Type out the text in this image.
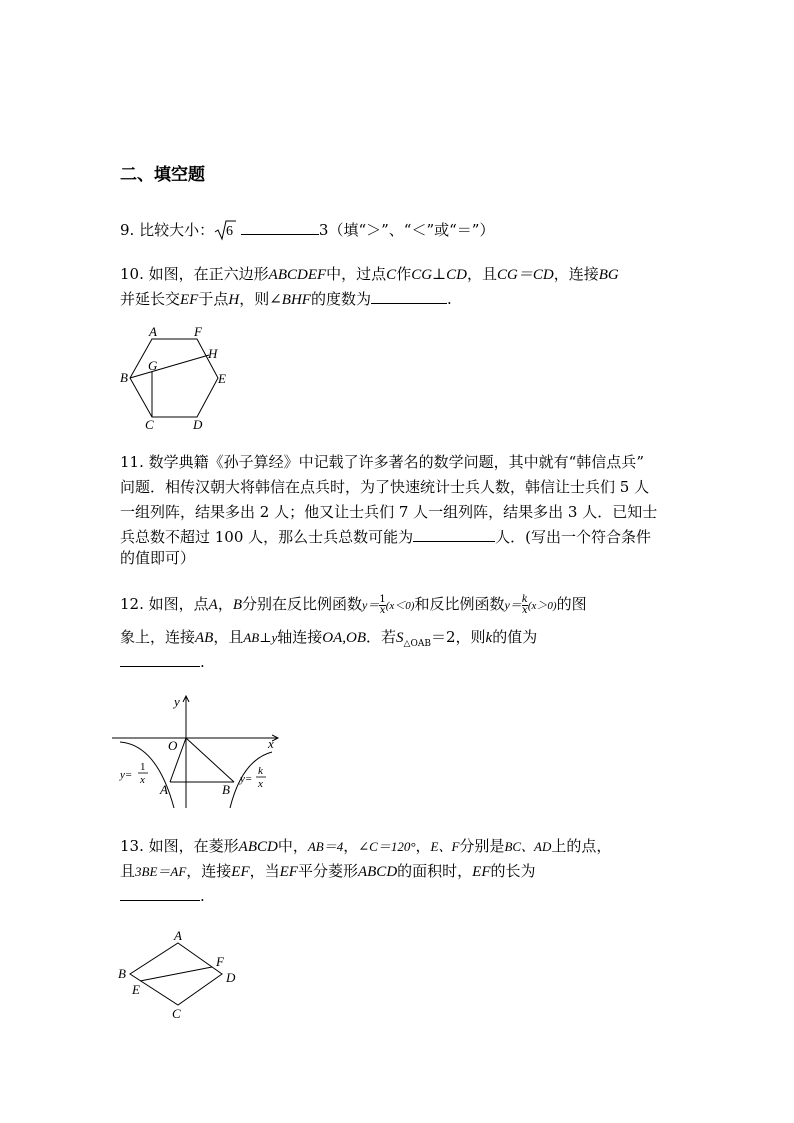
二、填空题
9. 比较大小： 6	3（填“＞”、“＜”或“＝”）
10. 如图，在正六边形ABCDEF中，过点C作CG⊥CD，且CG＝CD，连接BG
并延长交EF于点H，则∠BHF的度数为	.
A	F
H
B
G
E
C	D
11. 数学典籍《孙子算经》中记载了许多著名的数学问题，其中就有“韩信点兵”
问题．相传汉朝大将韩信在点兵时，为了快速统计士兵人数，韩信让士兵们 5 人
一组列阵，结果多出 2 人；他又让士兵们 7 人一组列阵，结果多出 3 人．已知士
兵总数不超过 100 人，那么士兵总数可能为	人．(写出一个符合条件
的值即可）
12. 如图，点A，B分别在反比例函数$y= \frac{1}{x} (x<0)$和反比例函数$y= \frac{k}{x} (x>0)$的图
象上，连接AB，且AB⊥y轴连接OA,OB．若$S_{\triangle OAB}=2$，则k的值为
.
y
x
O
A	B
y=
1
x	y=
k
x
13. 如图，在菱形ABCD中，AB＝4，∠C＝120°，E、F分别是BC、AD上的点，
且3BE＝AF，连接EF，当EF平分菱形ABCD的面积时，EF的长为
.
A
B
F
D
E
C
